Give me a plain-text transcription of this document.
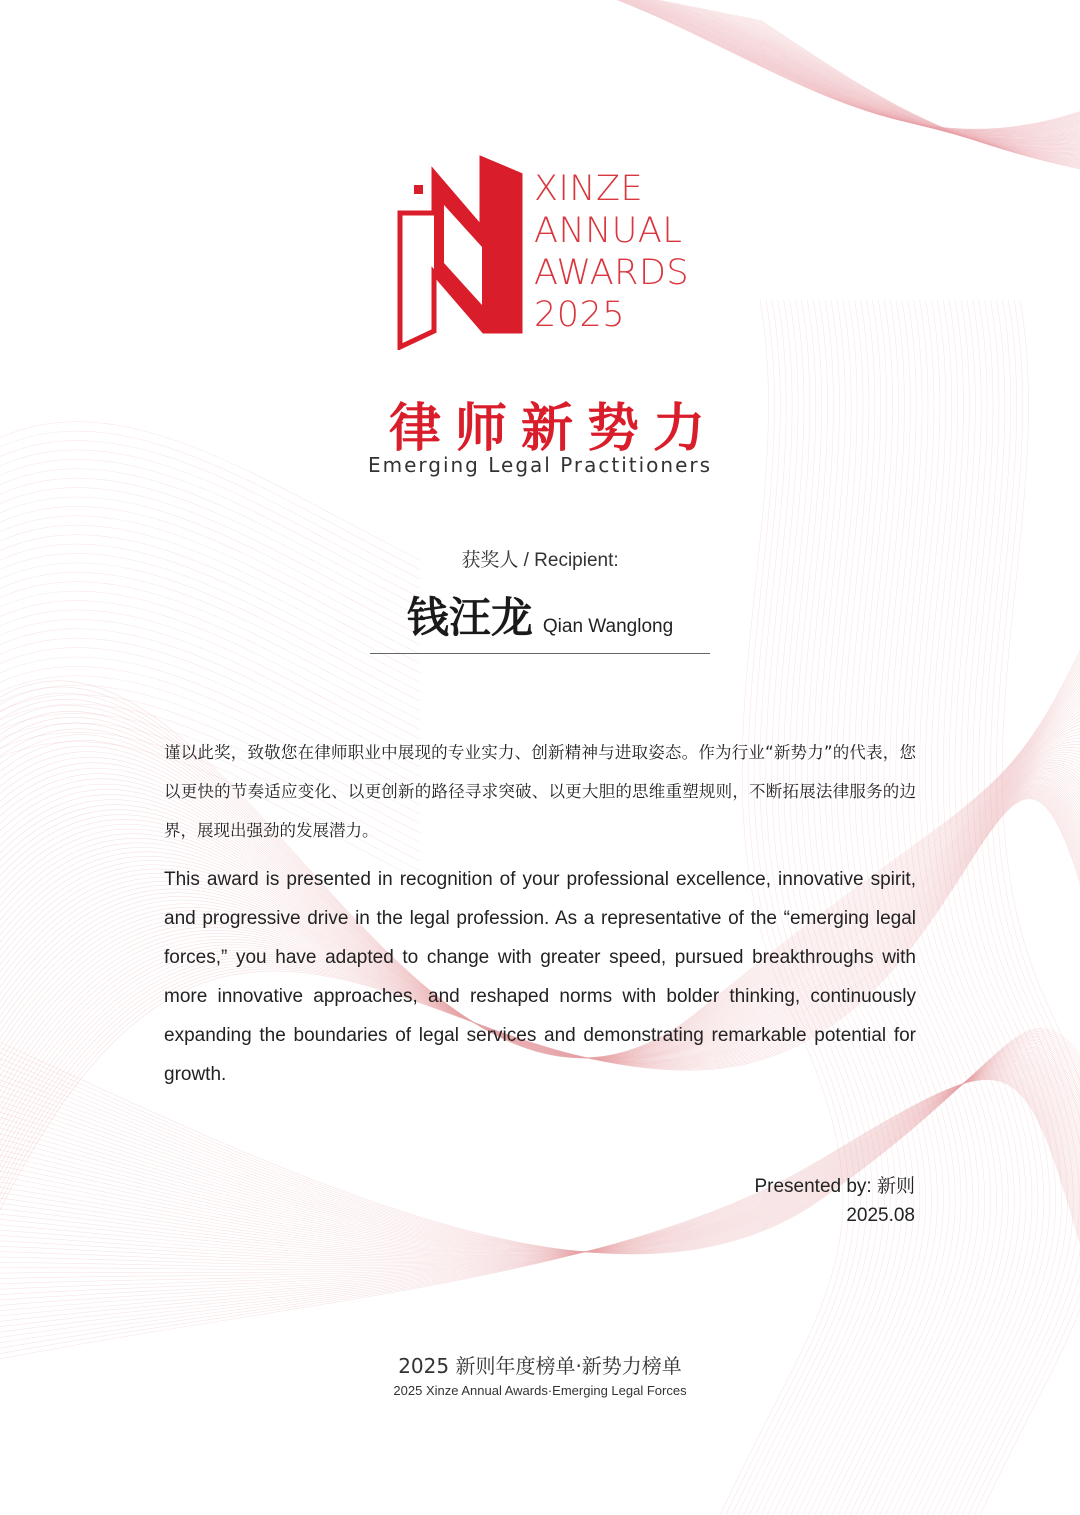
XINZE
ANNUAL
AWARDS
2025
律师新势力
Emerging Legal Practitioners
获奖人 / Recipient:
钱汪龙 Qian Wanglong
谨以此奖，致敬您在律师职业中展现的专业实力、创新精神与进取姿态。作为行业“新势力”的代表，您以更快的节奏适应变化、以更创新的路径寻求突破、以更大胆的思维重塑规则，不断拓展法律服务的边界，展现出强劲的发展潜力。
This award is presented in recognition of your professional excellence, innovative spirit, and progressive drive in the legal profession. As a representative of the “emerging legal forces,” you have adapted to change with greater speed, pursued breakthroughs with more innovative approaches, and reshaped norms with bolder thinking, continuously expanding the boundaries of legal services and demonstrating remarkable potential for growth.
Presented by: 新则
2025.08
2025 新则年度榜单·新势力榜单
2025 Xinze Annual Awards·Emerging Legal Forces
